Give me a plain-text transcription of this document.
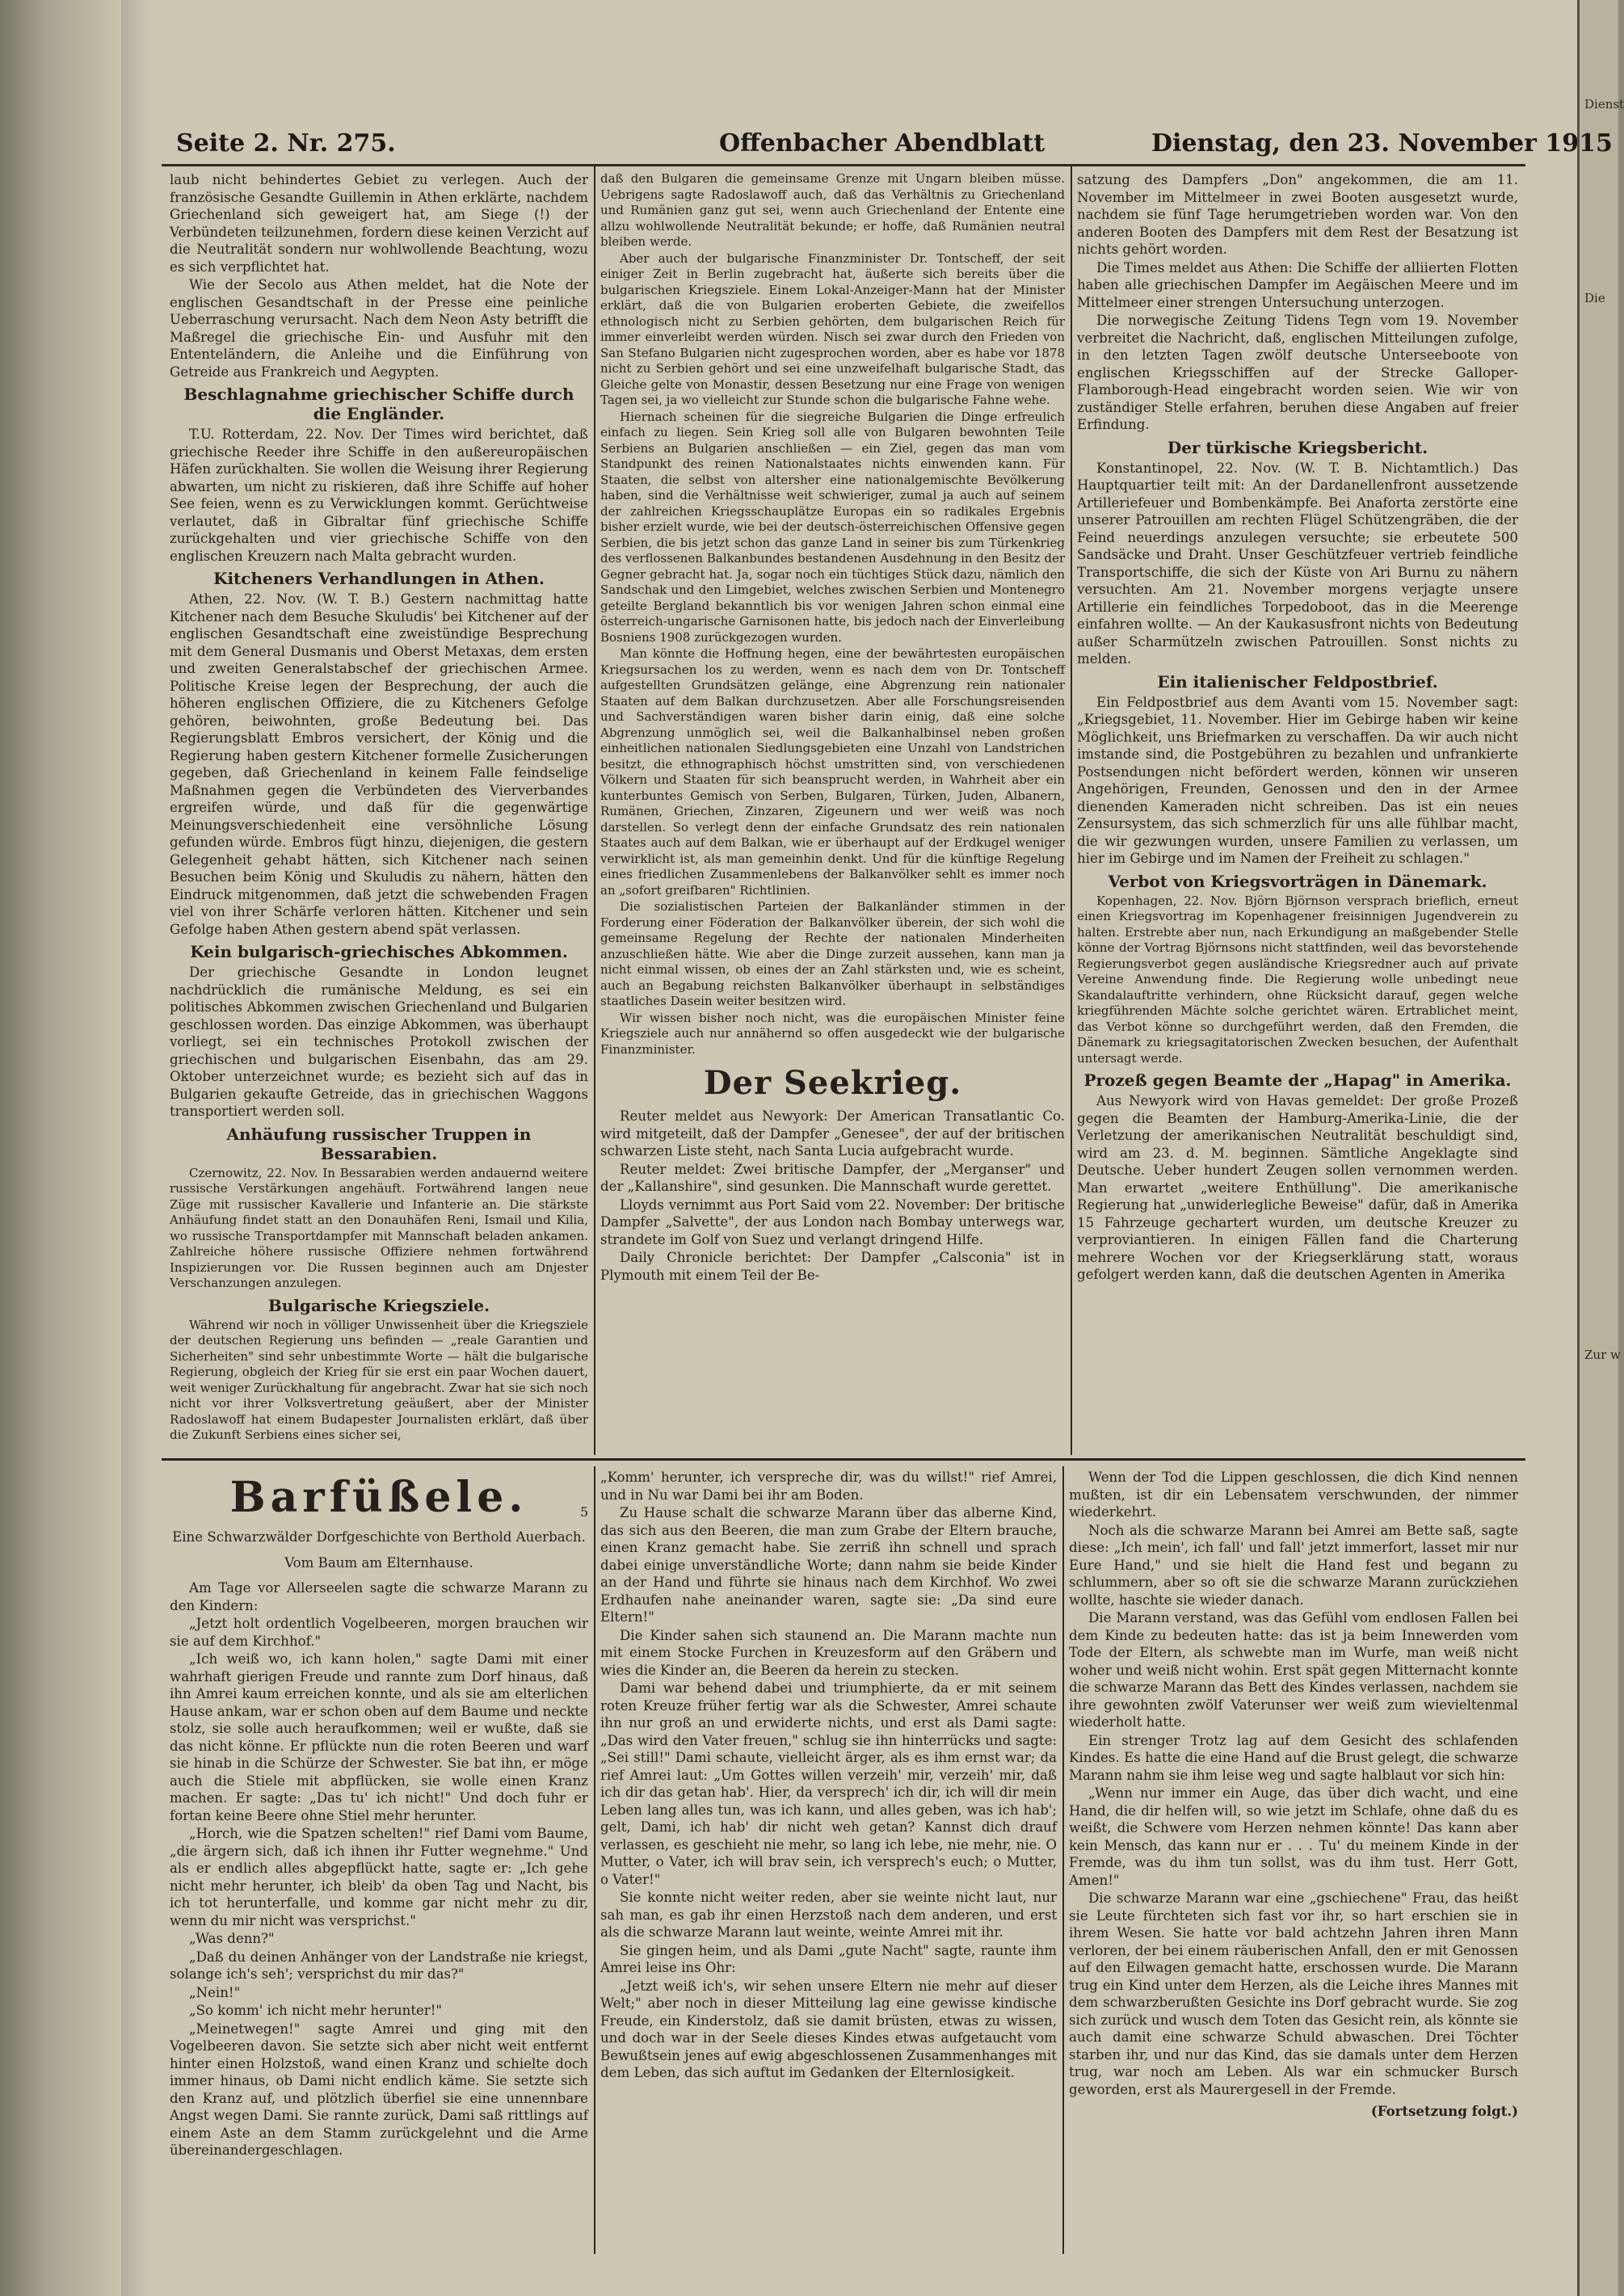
Dienst
Die
Zur w
Seite 2. Nr. 275.	Offenbacher Abendblatt	Dienstag, den 23. November 1915

laub nicht behindertes Gebiet zu verlegen. Auch der französische Gesandte Guillemin in Athen erklärte, nachdem Griechenland sich geweigert hat, am Siege (!) der Verbündeten teilzunehmen, fordern diese keinen Verzicht auf die Neutralität sondern nur wohlwollende Beachtung, wozu es sich verpflichtet hat.

Wie der Secolo aus Athen meldet, hat die Note der englischen Gesandtschaft in der Presse eine peinliche Ueberraschung verursacht. Nach dem Neon Asty betrifft die Maßregel die griechische Ein- und Ausfuhr mit den Ententeländern, die Anleihe und die Einführung von Getreide aus Frankreich und Aegypten.

Beschlagnahme griechischer Schiffe durch die Engländer.

T.U. Rotterdam, 22. Nov. Der Times wird berichtet, daß griechische Reeder ihre Schiffe in den außereuropäischen Häfen zurückhalten. Sie wollen die Weisung ihrer Regierung abwarten, um nicht zu riskieren, daß ihre Schiffe auf hoher See feien, wenn es zu Verwicklungen kommt. Gerüchtweise verlautet, daß in Gibraltar fünf griechische Schiffe zurückgehalten und vier griechische Schiffe von den englischen Kreuzern nach Malta gebracht wurden.

Kitcheners Verhandlungen in Athen.

Athen, 22. Nov. (W. T. B.) Gestern nachmittag hatte Kitchener nach dem Besuche Skuludis' bei Kitchener auf der englischen Gesandtschaft eine zweistündige Besprechung mit dem General Dusmanis und Oberst Metaxas, dem ersten und zweiten Generalstabschef der griechischen Armee. Politische Kreise legen der Besprechung, der auch die höheren englischen Offiziere, die zu Kitcheners Gefolge gehören, beiwohnten, große Bedeutung bei. Das Regierungsblatt Embros versichert, der König und die Regierung haben gestern Kitchener formelle Zusicherungen gegeben, daß Griechenland in keinem Falle feindselige Maßnahmen gegen die Verbündeten des Vierverbandes ergreifen würde, und daß für die gegenwärtige Meinungsverschiedenheit eine versöhnliche Lösung gefunden würde. Embros fügt hinzu, diejenigen, die gestern Gelegenheit gehabt hätten, sich Kitchener nach seinen Besuchen beim König und Skuludis zu nähern, hätten den Eindruck mitgenommen, daß jetzt die schwebenden Fragen viel von ihrer Schärfe verloren hätten. Kitchener und sein Gefolge haben Athen gestern abend spät verlassen.

Kein bulgarisch-griechisches Abkommen.

Der griechische Gesandte in London leugnet nachdrücklich die rumänische Meldung, es sei ein politisches Abkommen zwischen Griechenland und Bulgarien geschlossen worden. Das einzige Abkommen, was überhaupt vorliegt, sei ein technisches Protokoll zwischen der griechischen und bulgarischen Eisenbahn, das am 29. Oktober unterzeichnet wurde; es bezieht sich auf das in Bulgarien gekaufte Getreide, das in griechischen Waggons transportiert werden soll.

Anhäufung russischer Truppen in Bessarabien.

Czernowitz, 22. Nov. In Bessarabien werden andauernd weitere russische Verstärkungen angehäuft. Fortwährend langen neue Züge mit russischer Kavallerie und Infanterie an. Die stärkste Anhäufung findet statt an den Donauhäfen Reni, Ismail und Kilia, wo russische Transportdampfer mit Mannschaft beladen ankamen. Zahlreiche höhere russische Offiziere nehmen fortwährend Inspizierungen vor. Die Russen beginnen auch am Dnjester Verschanzungen anzulegen.

Bulgarische Kriegsziele.

Während wir noch in völliger Unwissenheit über die Kriegsziele der deutschen Regierung uns befinden — „reale Garantien und Sicherheiten" sind sehr unbestimmte Worte — hält die bulgarische Regierung, obgleich der Krieg für sie erst ein paar Wochen dauert, weit weniger Zurückhaltung für angebracht. Zwar hat sie sich noch nicht vor ihrer Volksvertretung geäußert, aber der Minister Radoslawoff hat einem Budapester Journalisten erklärt, daß über die Zukunft Serbiens eines sicher sei,

daß den Bulgaren die gemeinsame Grenze mit Ungarn bleiben müsse. Uebrigens sagte Radoslawoff auch, daß das Verhältnis zu Griechenland und Rumänien ganz gut sei, wenn auch Griechenland der Entente eine allzu wohlwollende Neutralität bekunde; er hoffe, daß Rumänien neutral bleiben werde.

Aber auch der bulgarische Finanzminister Dr. Tontscheff, der seit einiger Zeit in Berlin zugebracht hat, äußerte sich bereits über die bulgarischen Kriegsziele. Einem Lokal-Anzeiger-Mann hat der Minister erklärt, daß die von Bulgarien eroberten Gebiete, die zweifellos ethnologisch nicht zu Serbien gehörten, dem bulgarischen Reich für immer einverleibt werden würden. Nisch sei zwar durch den Frieden von San Stefano Bulgarien nicht zugesprochen worden, aber es habe vor 1878 nicht zu Serbien gehört und sei eine unzweifelhaft bulgarische Stadt, das Gleiche gelte von Monastir, dessen Besetzung nur eine Frage von wenigen Tagen sei, ja wo vielleicht zur Stunde schon die bulgarische Fahne wehe.

Hiernach scheinen für die siegreiche Bulgarien die Dinge erfreulich einfach zu liegen. Sein Krieg soll alle von Bulgaren bewohnten Teile Serbiens an Bulgarien anschließen — ein Ziel, gegen das man vom Standpunkt des reinen Nationalstaates nichts einwenden kann. Für Staaten, die selbst von altersher eine nationalgemischte Bevölkerung haben, sind die Verhältnisse weit schwieriger, zumal ja auch auf seinem der zahlreichen Kriegsschauplätze Europas ein so radikales Ergebnis bisher erzielt wurde, wie bei der deutsch-österreichischen Offensive gegen Serbien, die bis jetzt schon das ganze Land in seiner bis zum Türkenkrieg des verflossenen Balkanbundes bestandenen Ausdehnung in den Besitz der Gegner gebracht hat. Ja, sogar noch ein tüchtiges Stück dazu, nämlich den Sandschak und den Limgebiet, welches zwischen Serbien und Montenegro geteilte Bergland bekanntlich bis vor wenigen Jahren schon einmal eine österreich-ungarische Garnisonen hatte, bis jedoch nach der Einverleibung Bosniens 1908 zurückgezogen wurden.

Man könnte die Hoffnung hegen, eine der bewährtesten europäischen Kriegsursachen los zu werden, wenn es nach dem von Dr. Tontscheff aufgestellten Grundsätzen gelänge, eine Abgrenzung rein nationaler Staaten auf dem Balkan durchzusetzen. Aber alle Forschungsreisenden und Sachverständigen waren bisher darin einig, daß eine solche Abgrenzung unmöglich sei, weil die Balkanhalbinsel neben großen einheitlichen nationalen Siedlungsgebieten eine Unzahl von Landstrichen besitzt, die ethnographisch höchst umstritten sind, von verschiedenen Völkern und Staaten für sich beansprucht werden, in Wahrheit aber ein kunterbuntes Gemisch von Serben, Bulgaren, Türken, Juden, Albanern, Rumänen, Griechen, Zinzaren, Zigeunern und wer weiß was noch darstellen. So verlegt denn der einfache Grundsatz des rein nationalen Staates auch auf dem Balkan, wie er überhaupt auf der Erdkugel weniger verwirklicht ist, als man gemeinhin denkt. Und für die künftige Regelung eines friedlichen Zusammenlebens der Balkanvölker sehlt es immer noch an „sofort greifbaren" Richtlinien.

Die sozialistischen Parteien der Balkanländer stimmen in der Forderung einer Föderation der Balkanvölker überein, der sich wohl die gemeinsame Regelung der Rechte der nationalen Minderheiten anzuschließen hätte. Wie aber die Dinge zurzeit aussehen, kann man ja nicht einmal wissen, ob eines der an Zahl stärksten und, wie es scheint, auch an Begabung reichsten Balkanvölker überhaupt in selbständiges staatliches Dasein weiter besitzen wird.

Wir wissen bisher noch nicht, was die europäischen Minister feine Kriegsziele auch nur annähernd so offen ausgedeckt wie der bulgarische Finanzminister.

Der Seekrieg.

Reuter meldet aus Newyork: Der American Transatlantic Co. wird mitgeteilt, daß der Dampfer „Genesee", der auf der britischen schwarzen Liste steht, nach Santa Lucia aufgebracht wurde.

Reuter meldet: Zwei britische Dampfer, der „Merganser" und der „Kallanshire", sind gesunken. Die Mannschaft wurde gerettet.

Lloyds vernimmt aus Port Said vom 22. November: Der britische Dampfer „Salvette", der aus London nach Bombay unterwegs war, strandete im Golf von Suez und verlangt dringend Hilfe.

Daily Chronicle berichtet: Der Dampfer „Calsconia" ist in Plymouth mit einem Teil der Be-

satzung des Dampfers „Don" angekommen, die am 11. November im Mittelmeer in zwei Booten ausgesetzt wurde, nachdem sie fünf Tage herumgetrieben worden war. Von den anderen Booten des Dampfers mit dem Rest der Besatzung ist nichts gehört worden.

Die Times meldet aus Athen: Die Schiffe der alliierten Flotten haben alle griechischen Dampfer im Aegäischen Meere und im Mittelmeer einer strengen Untersuchung unterzogen.

Die norwegische Zeitung Tidens Tegn vom 19. November verbreitet die Nachricht, daß, englischen Mitteilungen zufolge, in den letzten Tagen zwölf deutsche Unterseeboote von englischen Kriegsschiffen auf der Strecke Galloper-Flamborough-Head eingebracht worden seien. Wie wir von zuständiger Stelle erfahren, beruhen diese Angaben auf freier Erfindung.

Der türkische Kriegsbericht.

Konstantinopel, 22. Nov. (W. T. B. Nichtamtlich.) Das Hauptquartier teilt mit: An der Dardanellenfront aussetzende Artilleriefeuer und Bombenkämpfe. Bei Anaforta zerstörte eine unserer Patrouillen am rechten Flügel Schützengräben, die der Feind neuerdings anzulegen versuchte; sie erbeutete 500 Sandsäcke und Draht. Unser Geschützfeuer vertrieb feindliche Transportschiffe, die sich der Küste von Ari Burnu zu nähern versuchten. Am 21. November morgens verjagte unsere Artillerie ein feindliches Torpedoboot, das in die Meerenge einfahren wollte. — An der Kaukasusfront nichts von Bedeutung außer Scharmützeln zwischen Patrouillen. Sonst nichts zu melden.

Ein italienischer Feldpostbrief.

Ein Feldpostbrief aus dem Avanti vom 15. November sagt: „Kriegsgebiet, 11. November. Hier im Gebirge haben wir keine Möglichkeit, uns Briefmarken zu verschaffen. Da wir auch nicht imstande sind, die Postgebühren zu bezahlen und unfrankierte Postsendungen nicht befördert werden, können wir unseren Angehörigen, Freunden, Genossen und den in der Armee dienenden Kameraden nicht schreiben. Das ist ein neues Zensursystem, das sich schmerzlich für uns alle fühlbar macht, die wir gezwungen wurden, unsere Familien zu verlassen, um hier im Gebirge und im Namen der Freiheit zu schlagen."

Verbot von Kriegsvorträgen in Dänemark.

Kopenhagen, 22. Nov. Björn Björnson versprach brieflich, erneut einen Kriegsvortrag im Kopenhagener freisinnigen Jugendverein zu halten. Erstrebte aber nun, nach Erkundigung an maßgebender Stelle könne der Vortrag Björnsons nicht stattfinden, weil das bevorstehende Regierungsverbot gegen ausländische Kriegsredner auch auf private Vereine Anwendung finde. Die Regierung wolle unbedingt neue Skandalauftritte verhindern, ohne Rücksicht darauf, gegen welche kriegführenden Mächte solche gerichtet wären. Ertrablichet meint, das Verbot könne so durchgeführt werden, daß den Fremden, die Dänemark zu kriegsagitatorischen Zwecken besuchen, der Aufenthalt untersagt werde.

Prozeß gegen Beamte der „Hapag" in Amerika.

Aus Newyork wird von Havas gemeldet: Der große Prozeß gegen die Beamten der Hamburg-Amerika-Linie, die der Verletzung der amerikanischen Neutralität beschuldigt sind, wird am 23. d. M. beginnen. Sämtliche Angeklagte sind Deutsche. Ueber hundert Zeugen sollen vernommen werden. Man erwartet „weitere Enthüllung". Die amerikanische Regierung hat „unwiderlegliche Beweise" dafür, daß in Amerika 15 Fahrzeuge gechartert wurden, um deutsche Kreuzer zu verproviantieren. In einigen Fällen fand die Charterung mehrere Wochen vor der Kriegserklärung statt, woraus gefolgert werden kann, daß die deutschen Agenten in Amerika

Barfüßele.

Eine Schwarzwälder Dorfgeschichte von Berthold Auerbach.

Vom Baum am Elternhause.

Am Tage vor Allerseelen sagte die schwarze Marann zu den Kindern:

„Jetzt holt ordentlich Vogelbeeren, morgen brauchen wir sie auf dem Kirchhof."

„Ich weiß wo, ich kann holen," sagte Dami mit einer wahrhaft gierigen Freude und rannte zum Dorf hinaus, daß ihn Amrei kaum erreichen konnte, und als sie am elterlichen Hause ankam, war er schon oben auf dem Baume und neckte stolz, sie solle auch heraufkommen; weil er wußte, daß sie das nicht könne. Er pflückte nun die roten Beeren und warf sie hinab in die Schürze der Schwester. Sie bat ihn, er möge auch die Stiele mit abpflücken, sie wolle einen Kranz machen. Er sagte: „Das tu' ich nicht!" Und doch fuhr er fortan keine Beere ohne Stiel mehr herunter.

„Horch, wie die Spatzen schelten!" rief Dami vom Baume, „die ärgern sich, daß ich ihnen ihr Futter wegnehme." Und als er endlich alles abgepflückt hatte, sagte er: „Ich gehe nicht mehr herunter, ich bleib' da oben Tag und Nacht, bis ich tot herunterfalle, und komme gar nicht mehr zu dir, wenn du mir nicht was versprichst."

„Was denn?"

„Daß du deinen Anhänger von der Landstraße nie kriegst, solange ich's seh'; versprichst du mir das?"

„Nein!"

„So komm' ich nicht mehr herunter!"

„Meinetwegen!" sagte Amrei und ging mit den Vogelbeeren davon. Sie setzte sich aber nicht weit entfernt hinter einen Holzstoß, wand einen Kranz und schielte doch immer hinaus, ob Dami nicht endlich käme. Sie setzte sich den Kranz auf, und plötzlich überfiel sie eine unnennbare Angst wegen Dami. Sie rannte zurück, Dami saß rittlings auf einem Aste an dem Stamm zurückgelehnt und die Arme übereinandergeschlagen.

5

„Komm' herunter, ich verspreche dir, was du willst!" rief Amrei, und in Nu war Dami bei ihr am Boden.

Zu Hause schalt die schwarze Marann über das alberne Kind, das sich aus den Beeren, die man zum Grabe der Eltern brauche, einen Kranz gemacht habe. Sie zerriß ihn schnell und sprach dabei einige unverständliche Worte; dann nahm sie beide Kinder an der Hand und führte sie hinaus nach dem Kirchhof. Wo zwei Erdhaufen nahe aneinander waren, sagte sie: „Da sind eure Eltern!"

Die Kinder sahen sich staunend an. Die Marann machte nun mit einem Stocke Furchen in Kreuzesform auf den Gräbern und wies die Kinder an, die Beeren da herein zu stecken.

Dami war behend dabei und triumphierte, da er mit seinem roten Kreuze früher fertig war als die Schwester, Amrei schaute ihn nur groß an und erwiderte nichts, und erst als Dami sagte: „Das wird den Vater freuen," schlug sie ihn hinterrücks und sagte: „Sei still!" Dami schaute, vielleicht ärger, als es ihm ernst war; da rief Amrei laut: „Um Gottes willen verzeih' mir, verzeih' mir, daß ich dir das getan hab'. Hier, da versprech' ich dir, ich will dir mein Leben lang alles tun, was ich kann, und alles geben, was ich hab'; gelt, Dami, ich hab' dir nicht weh getan? Kannst dich drauf verlassen, es geschieht nie mehr, so lang ich lebe, nie mehr, nie. O Mutter, o Vater, ich will brav sein, ich versprech's euch; o Mutter, o Vater!"

Sie konnte nicht weiter reden, aber sie weinte nicht laut, nur sah man, es gab ihr einen Herzstoß nach dem anderen, und erst als die schwarze Marann laut weinte, weinte Amrei mit ihr.

Sie gingen heim, und als Dami „gute Nacht" sagte, raunte ihm Amrei leise ins Ohr:

„Jetzt weiß ich's, wir sehen unsere Eltern nie mehr auf dieser Welt;" aber noch in dieser Mitteilung lag eine gewisse kindische Freude, ein Kinderstolz, daß sie damit brüsten, etwas zu wissen, und doch war in der Seele dieses Kindes etwas aufgetaucht vom Bewußtsein jenes auf ewig abgeschlossenen Zusammenhanges mit dem Leben, das sich auftut im Gedanken der Elternlosigkeit.

Wenn der Tod die Lippen geschlossen, die dich Kind nennen mußten, ist dir ein Lebensatem verschwunden, der nimmer wiederkehrt.

Noch als die schwarze Marann bei Amrei am Bette saß, sagte diese: „Ich mein', ich fall' und fall' jetzt immerfort, lasset mir nur Eure Hand," und sie hielt die Hand fest und begann zu schlummern, aber so oft sie die schwarze Marann zurückziehen wollte, haschte sie wieder danach.

Die Marann verstand, was das Gefühl vom endlosen Fallen bei dem Kinde zu bedeuten hatte: das ist ja beim Innewerden vom Tode der Eltern, als schwebte man im Wurfe, man weiß nicht woher und weiß nicht wohin. Erst spät gegen Mitternacht konnte die schwarze Marann das Bett des Kindes verlassen, nachdem sie ihre gewohnten zwölf Vaterunser wer weiß zum wievieltenmal wiederholt hatte.

Ein strenger Trotz lag auf dem Gesicht des schlafenden Kindes. Es hatte die eine Hand auf die Brust gelegt, die schwarze Marann nahm sie ihm leise weg und sagte halblaut vor sich hin:

„Wenn nur immer ein Auge, das über dich wacht, und eine Hand, die dir helfen will, so wie jetzt im Schlafe, ohne daß du es weißt, die Schwere vom Herzen nehmen könnte! Das kann aber kein Mensch, das kann nur er . . . Tu' du meinem Kinde in der Fremde, was du ihm tun sollst, was du ihm tust. Herr Gott, Amen!"

Die schwarze Marann war eine „gschiechene" Frau, das heißt sie Leute fürchteten sich fast vor ihr, so hart erschien sie in ihrem Wesen. Sie hatte vor bald achtzehn Jahren ihren Mann verloren, der bei einem räuberischen Anfall, den er mit Genossen auf den Eilwagen gemacht hatte, erschossen wurde. Die Marann trug ein Kind unter dem Herzen, als die Leiche ihres Mannes mit dem schwarzberußten Gesichte ins Dorf gebracht wurde. Sie zog sich zurück und wusch dem Toten das Gesicht rein, als könnte sie auch damit eine schwarze Schuld abwaschen. Drei Töchter starben ihr, und nur das Kind, das sie damals unter dem Herzen trug, war noch am Leben. Als war ein schmucker Bursch geworden, erst als Maurergesell in der Fremde.

(Fortsetzung folgt.)
